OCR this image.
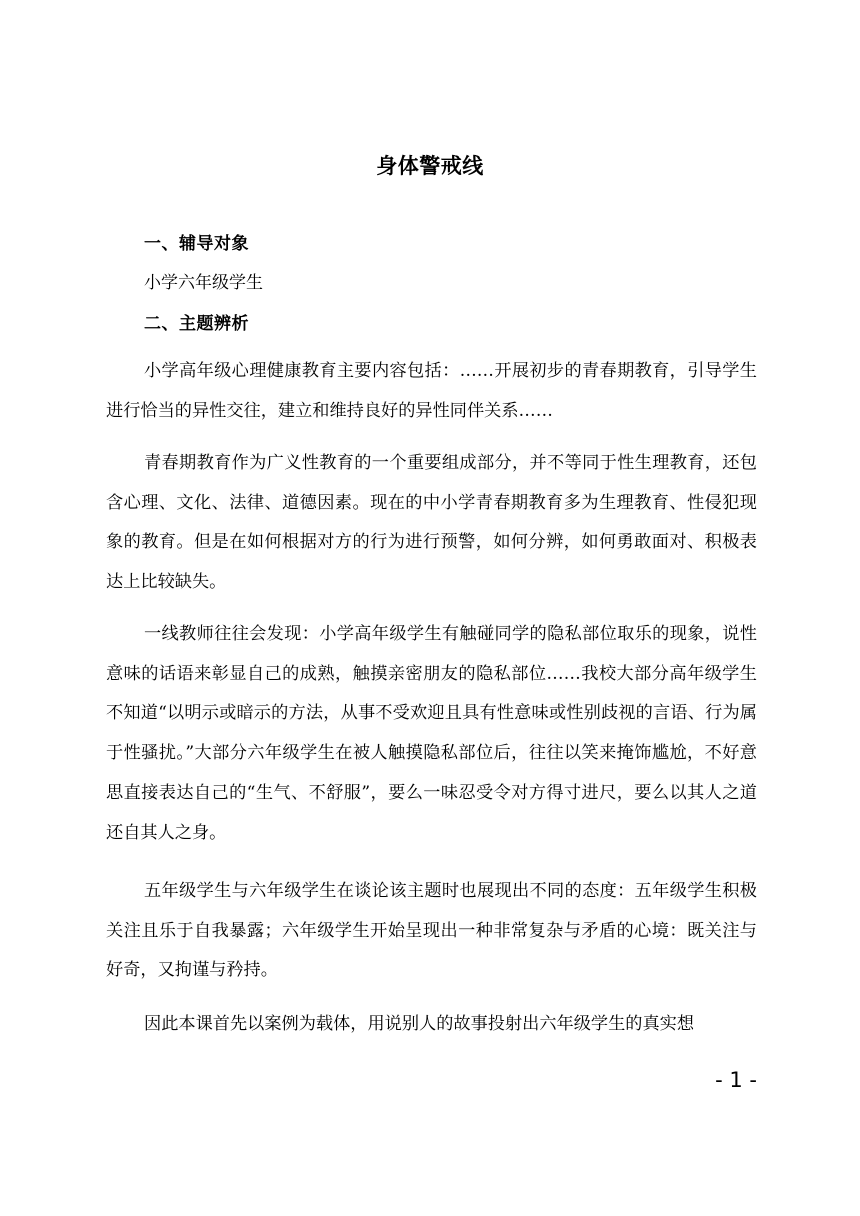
身体警戒线
一、辅导对象
小学六年级学生
二、主题辨析

小学高年级心理健康教育主要内容包括：……开展初步的青春期教育，引导学生进行恰当的异性交往，建立和维持良好的异性同伴关系……

青春期教育作为广义性教育的一个重要组成部分，并不等同于性生理教育，还包含心理、文化、法律、道德因素。现在的中小学青春期教育多为生理教育、性侵犯现象的教育。但是在如何根据对方的行为进行预警，如何分辨，如何勇敢面对、积极表达上比较缺失。

一线教师往往会发现：小学高年级学生有触碰同学的隐私部位取乐的现象，说性意味的话语来彰显自己的成熟，触摸亲密朋友的隐私部位……我校大部分高年级学生不知道“以明示或暗示的方法，从事不受欢迎且具有性意味或性别歧视的言语、行为属于性骚扰。”大部分六年级学生在被人触摸隐私部位后，往往以笑来掩饰尴尬，不好意思直接表达自己的“生气、不舒服”，要么一味忍受令对方得寸进尺，要么以其人之道还自其人之身。

五年级学生与六年级学生在谈论该主题时也展现出不同的态度：五年级学生积极关注且乐于自我暴露；六年级学生开始呈现出一种非常复杂与矛盾的心境：既关注与好奇，又拘谨与矜持。

因此本课首先以案例为载体，用说别人的故事投射出六年级学生的真实想

- 1 -
